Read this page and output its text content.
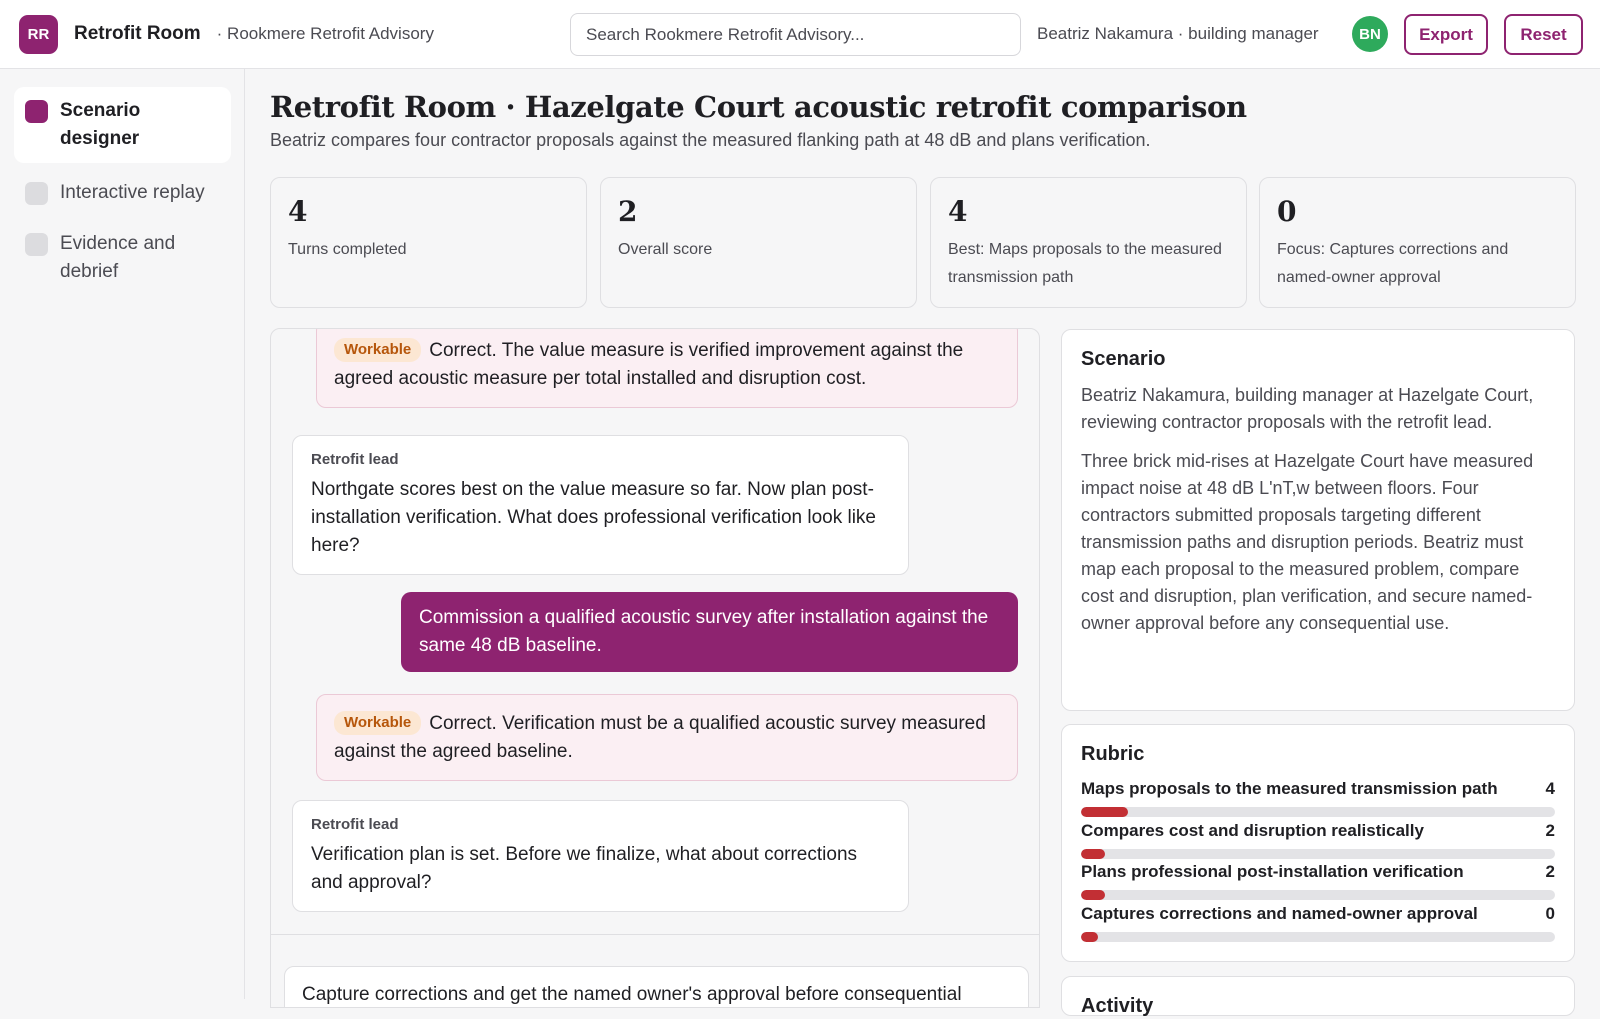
RR	Retrofit Room · Rookmere Retrofit Advisory
Search Rookmere Retrofit Advisory...	Beatriz Nakamura · building manager	BN	Export	Reset
Scenario designer
Interactive replay
Evidence and debrief
Retrofit Room · Hazelgate Court acoustic retrofit comparison
Beatriz compares four contractor proposals against the measured flanking path at 48 dB and plans verification.
4
Turns completed
2
Overall score
4
Best: Maps proposals to the measured transmission path
0
Focus: Captures corrections and named-owner approval
Workable Correct. The value measure is verified improvement against the agreed acoustic measure per total installed and disruption cost.
Retrofit lead
Northgate scores best on the value measure so far. Now plan post-installation verification. What does professional verification look like here?
Commission a qualified acoustic survey after installation against the same 48 dB baseline.
Workable Correct. Verification must be a qualified acoustic survey measured against the agreed baseline.
Retrofit lead
Verification plan is set. Before we finalize, what about corrections and approval?
Capture corrections and get the named owner's approval before consequential
Scenario
Beatriz Nakamura, building manager at Hazelgate Court, reviewing contractor proposals with the retrofit lead.
Three brick mid-rises at Hazelgate Court have measured impact noise at 48 dB L'nT,w between floors. Four contractors submitted proposals targeting different transmission paths and disruption periods. Beatriz must map each proposal to the measured problem, compare cost and disruption, plan verification, and secure named-owner approval before any consequential use.
Rubric
Maps proposals to the measured transmission path	4
Compares cost and disruption realistically	2
Plans professional post-installation verification	2
Captures corrections and named-owner approval	0
Activity
